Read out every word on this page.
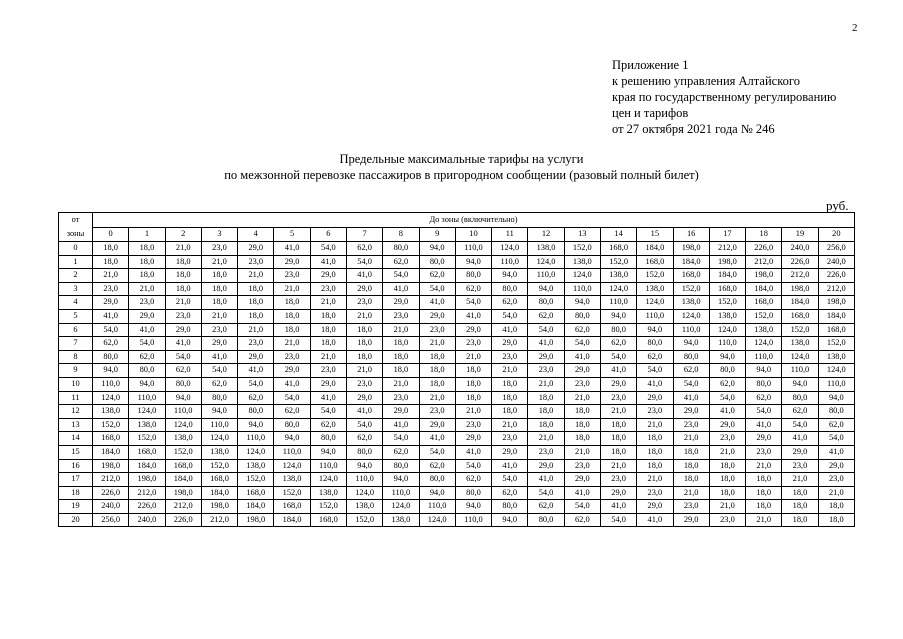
2
Приложение 1
к решению управления Алтайского
края по государственному регулированию
цен и тарифов
от 27 октября 2021 года № 246
Предельные максимальные тарифы на услуги
по межзонной перевозке пассажиров в пригородном сообщении (разовый полный билет)
руб.
от
зоны	До зоны (включительно)																				
	0	1	2	3	4	5	6	7	8	9	10	11	12	13	14	15	16	17	18	19	20
0	18,0	18,0	21,0	23,0	29,0	41,0	54,0	62,0	80,0	94,0	110,0	124,0	138,0	152,0	168,0	184,0	198,0	212,0	226,0	240,0	256,0
1	18,0	18,0	18,0	21,0	23,0	29,0	41,0	54,0	62,0	80,0	94,0	110,0	124,0	138,0	152,0	168,0	184,0	198,0	212,0	226,0	240,0
2	21,0	18,0	18,0	18,0	21,0	23,0	29,0	41,0	54,0	62,0	80,0	94,0	110,0	124,0	138,0	152,0	168,0	184,0	198,0	212,0	226,0
3	23,0	21,0	18,0	18,0	18,0	21,0	23,0	29,0	41,0	54,0	62,0	80,0	94,0	110,0	124,0	138,0	152,0	168,0	184,0	198,0	212,0
4	29,0	23,0	21,0	18,0	18,0	18,0	21,0	23,0	29,0	41,0	54,0	62,0	80,0	94,0	110,0	124,0	138,0	152,0	168,0	184,0	198,0
5	41,0	29,0	23,0	21,0	18,0	18,0	18,0	21,0	23,0	29,0	41,0	54,0	62,0	80,0	94,0	110,0	124,0	138,0	152,0	168,0	184,0
6	54,0	41,0	29,0	23,0	21,0	18,0	18,0	18,0	21,0	23,0	29,0	41,0	54,0	62,0	80,0	94,0	110,0	124,0	138,0	152,0	168,0
7	62,0	54,0	41,0	29,0	23,0	21,0	18,0	18,0	18,0	21,0	23,0	29,0	41,0	54,0	62,0	80,0	94,0	110,0	124,0	138,0	152,0
8	80,0	62,0	54,0	41,0	29,0	23,0	21,0	18,0	18,0	18,0	21,0	23,0	29,0	41,0	54,0	62,0	80,0	94,0	110,0	124,0	138,0
9	94,0	80,0	62,0	54,0	41,0	29,0	23,0	21,0	18,0	18,0	18,0	21,0	23,0	29,0	41,0	54,0	62,0	80,0	94,0	110,0	124,0
10	110,0	94,0	80,0	62,0	54,0	41,0	29,0	23,0	21,0	18,0	18,0	18,0	21,0	23,0	29,0	41,0	54,0	62,0	80,0	94,0	110,0
11	124,0	110,0	94,0	80,0	62,0	54,0	41,0	29,0	23,0	21,0	18,0	18,0	18,0	21,0	23,0	29,0	41,0	54,0	62,0	80,0	94,0
12	138,0	124,0	110,0	94,0	80,0	62,0	54,0	41,0	29,0	23,0	21,0	18,0	18,0	18,0	21,0	23,0	29,0	41,0	54,0	62,0	80,0
13	152,0	138,0	124,0	110,0	94,0	80,0	62,0	54,0	41,0	29,0	23,0	21,0	18,0	18,0	18,0	21,0	23,0	29,0	41,0	54,0	62,0
14	168,0	152,0	138,0	124,0	110,0	94,0	80,0	62,0	54,0	41,0	29,0	23,0	21,0	18,0	18,0	18,0	21,0	23,0	29,0	41,0	54,0
15	184,0	168,0	152,0	138,0	124,0	110,0	94,0	80,0	62,0	54,0	41,0	29,0	23,0	21,0	18,0	18,0	18,0	21,0	23,0	29,0	41,0
16	198,0	184,0	168,0	152,0	138,0	124,0	110,0	94,0	80,0	62,0	54,0	41,0	29,0	23,0	21,0	18,0	18,0	18,0	21,0	23,0	29,0
17	212,0	198,0	184,0	168,0	152,0	138,0	124,0	110,0	94,0	80,0	62,0	54,0	41,0	29,0	23,0	21,0	18,0	18,0	18,0	21,0	23,0
18	226,0	212,0	198,0	184,0	168,0	152,0	138,0	124,0	110,0	94,0	80,0	62,0	54,0	41,0	29,0	23,0	21,0	18,0	18,0	18,0	21,0
19	240,0	226,0	212,0	198,0	184,0	168,0	152,0	138,0	124,0	110,0	94,0	80,0	62,0	54,0	41,0	29,0	23,0	21,0	18,0	18,0	18,0
20	256,0	240,0	226,0	212,0	198,0	184,0	168,0	152,0	138,0	124,0	110,0	94,0	80,0	62,0	54,0	41,0	29,0	23,0	21,0	18,0	18,0
